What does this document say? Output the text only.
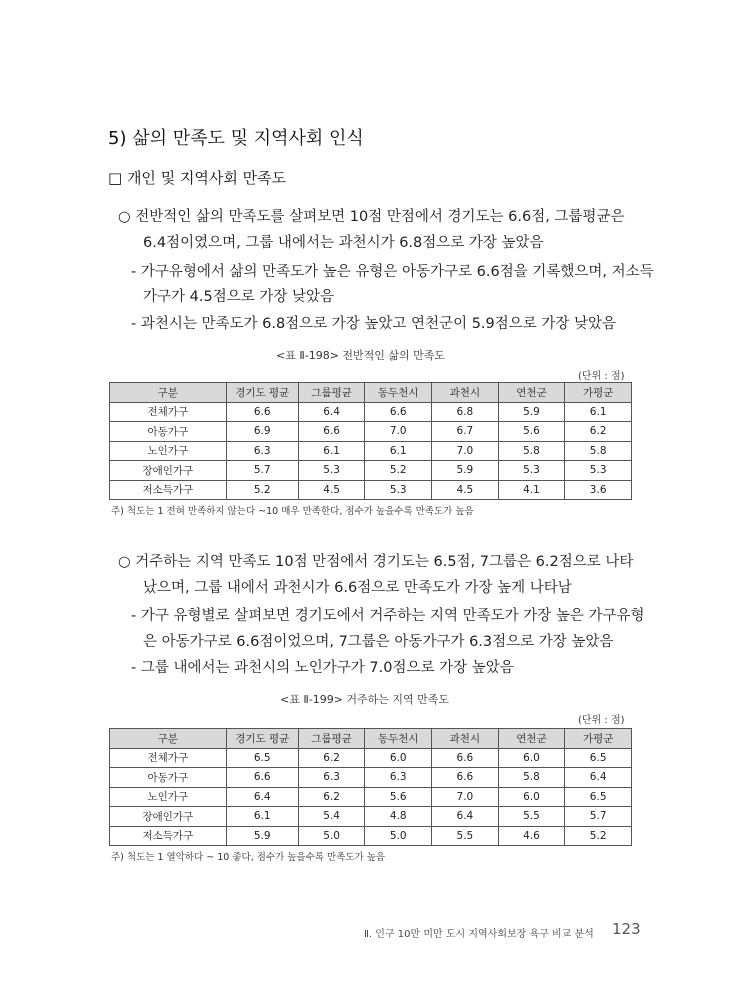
5) 삶의 만족도 및 지역사회 인식
□ 개인 및 지역사회 만족도
○ 전반적인 삶의 만족도를 살펴보면 10점 만점에서 경기도는 6.6점, 그룹평균은
6.4점이였으며, 그룹 내에서는 과천시가 6.8점으로 가장 높았음
- 가구유형에서 삶의 만족도가 높은 유형은 아동가구로 6.6점을 기록했으며, 저소득
가구가 4.5점으로 가장 낮았음
- 과천시는 만족도가 6.8점으로 가장 높았고 연천군이 5.9점으로 가장 낮았음
<표 Ⅱ-198> 전반적인 삶의 만족도
(단위 : 점)
구분	경기도 평균	그룹평균	동두천시	과천시	연천군	가평군
전체가구	6.6	6.4	6.6	6.8	5.9	6.1
아동가구	6.9	6.6	7.0	6.7	5.6	6.2
노인가구	6.3	6.1	6.1	7.0	5.8	5.8
장애인가구	5.7	5.3	5.2	5.9	5.3	5.3
저소득가구	5.2	4.5	5.3	4.5	4.1	3.6
주) 척도는 1 전혀 만족하지 않는다 ~10 매우 만족한다, 점수가 높을수록 만족도가 높음
○ 거주하는 지역 만족도 10점 만점에서 경기도는 6.5점, 7그룹은 6.2점으로 나타
났으며, 그룹 내에서 과천시가 6.6점으로 만족도가 가장 높게 나타남
- 가구 유형별로 살펴보면 경기도에서 거주하는 지역 만족도가 가장 높은 가구유형
은 아동가구로 6.6점이었으며, 7그룹은 아동가구가 6.3점으로 가장 높았음
- 그룹 내에서는 과천시의 노인가구가 7.0점으로 가장 높았음
<표 Ⅱ-199> 거주하는 지역 만족도
(단위 : 점)
구분	경기도 평균	그룹평균	동두천시	과천시	연천군	가평군
전체가구	6.5	6.2	6.0	6.6	6.0	6.5
아동가구	6.6	6.3	6.3	6.6	5.8	6.4
노인가구	6.4	6.2	5.6	7.0	6.0	6.5
장애인가구	6.1	5.4	4.8	6.4	5.5	5.7
저소득가구	5.9	5.0	5.0	5.5	4.6	5.2
주) 척도는 1 열악하다 ~ 10 좋다, 점수가 높을수록 만족도가 높음
Ⅱ. 인구 10만 미만 도시 지역사회보장 욕구 비교 분석 123
